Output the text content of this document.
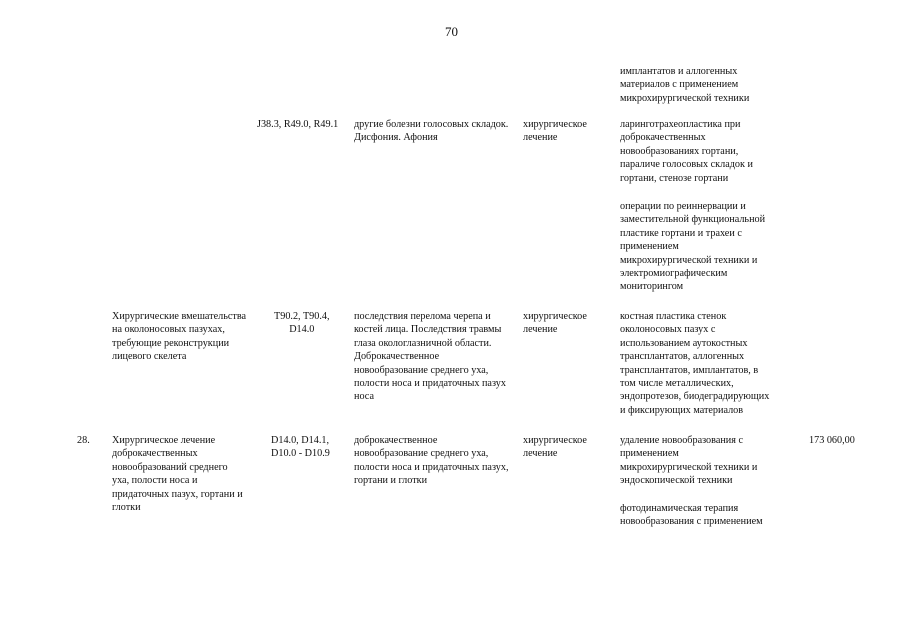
70
имплантатов и аллогенных
материалов с применением
микрохирургической техники
J38.3, R49.0, R49.1 другие болезни голосовых складок.
Дисфония. Афония
хирургическое
лечение
ларинготрахеопластика при
доброкачественных
новообразованиях гортани,
параличе голосовых складок и
гортани, стенозе гортани
операции по реиннервации и
заместительной функциональной
пластике гортани и трахеи с
применением
микрохирургической техники и
электромиографическим
мониторингом
Хирургические вмешательства
на околоносовых пазухах,
требующие реконструкции
лицевого скелета
T90.2, T90.4,
D14.0
последствия перелома черепа и
костей лица. Последствия травмы
глаза окологлазничной области.
Доброкачественное
новообразование среднего уха,
полости носа и придаточных пазух
носа
хирургическое
лечение
костная пластика стенок
околоносовых пазух с
использованием аутокостных
трансплантатов, аллогенных
трансплантатов, имплантатов, в
том числе металлических,
эндопротезов, биодеградирующих
и фиксирующих материалов
28. Хирургическое лечение
доброкачественных
новообразований среднего
уха, полости носа и
придаточных пазух, гортани и
глотки
D14.0, D14.1,
D10.0 - D10.9
доброкачественное
новообразование среднего уха,
полости носа и придаточных пазух,
гортани и глотки
хирургическое
лечение
удаление новообразования с
применением
микрохирургической техники и
эндоскопической техники
фотодинамическая терапия
новообразования с применением
173 060,00
